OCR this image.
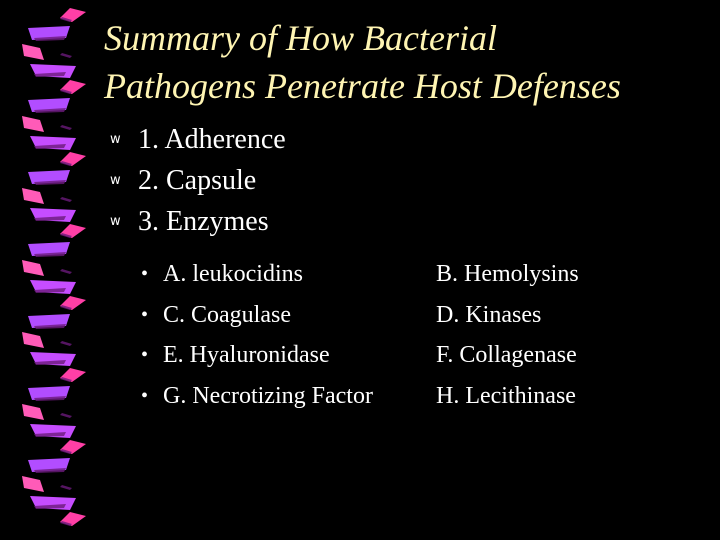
Summary of How Bacterial
Pathogens Penetrate Host Defenses
w 1. Adherence
w 2. Capsule
w 3. Enzymes
• A. leukocidins	B. Hemolysins
• C. Coagulase	D. Kinases
• E. Hyaluronidase	F. Collagenase
• G. Necrotizing Factor	H. Lecithinase
